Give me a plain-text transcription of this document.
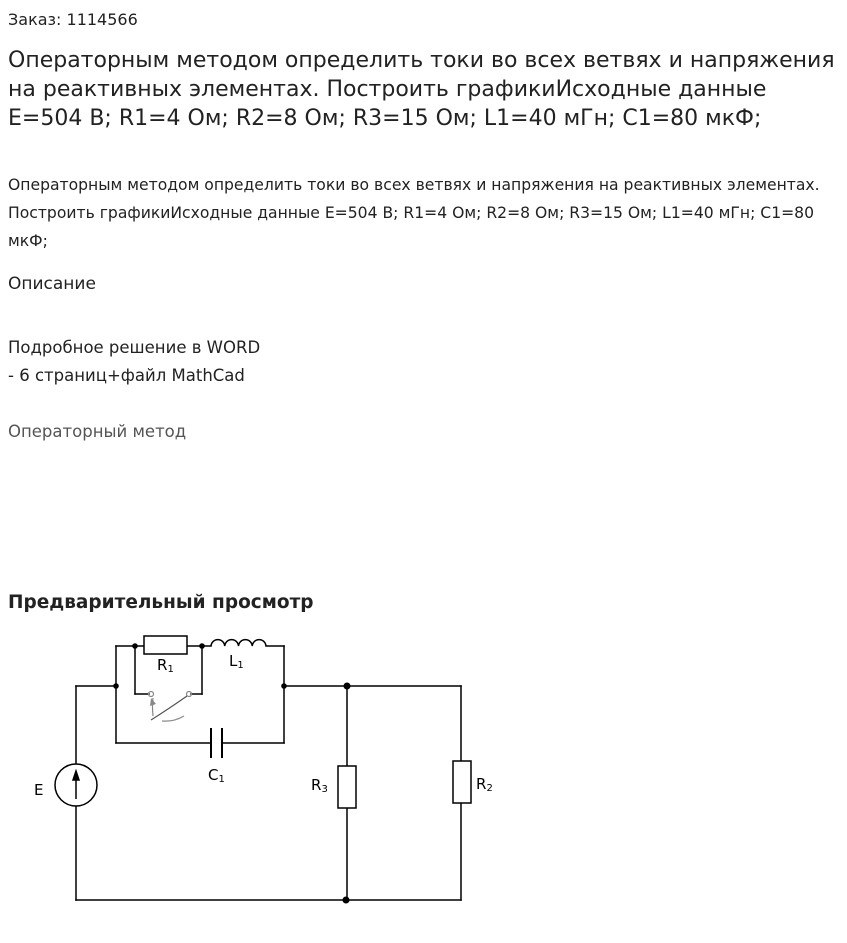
Заказ: 1114566
Операторным методом определить токи во всех ветвях и напряжения на реактивных элементах. Построить графикиИсходные данные E=504 В; R1=4 Ом; R2=8 Ом; R3=15 Ом; L1=40 мГн; C1=80 мкФ;

Операторным методом определить токи во всех ветвях и напряжения на реактивных элементах. Построить графикиИсходные данные E=504 В; R1=4 Ом; R2=8 Ом; R3=15 Ом; L1=40 мГн; C1=80 мкФ;

Описание
Подробное решение в WORD
- 6 страниц+файл MathCad
Операторный метод
Предварительный просмотр
R1	L1
C1	R3	R2
E
